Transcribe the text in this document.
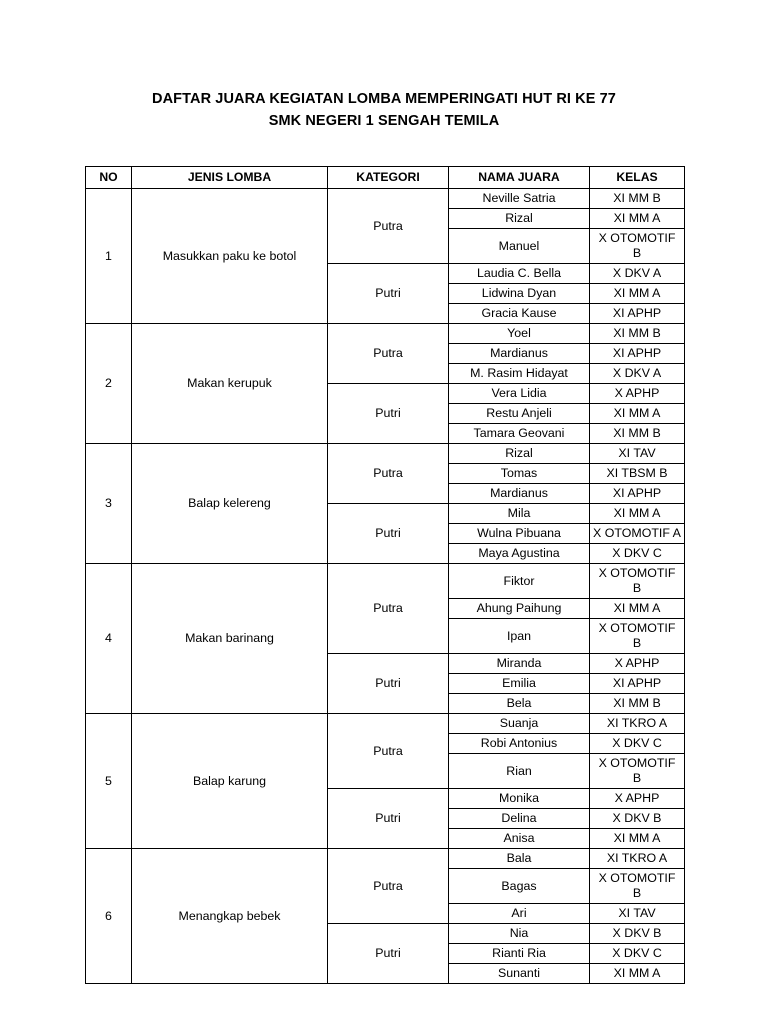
DAFTAR JUARA KEGIATAN LOMBA MEMPERINGATI HUT RI KE 77
SMK NEGERI 1 SENGAH TEMILA
NO	JENIS LOMBA	KATEGORI	NAMA JUARA	KELAS
1	Masukkan paku ke botol	Putra	Neville Satria	XI MM B
			Rizal	XI MM A
			Manuel	X OTOMOTIF B
		Putri	Laudia C. Bella	X DKV A
			Lidwina Dyan	XI MM A
			Gracia Kause	XI APHP
2	Makan kerupuk	Putra	Yoel	XI MM B
			Mardianus	XI APHP
			M. Rasim Hidayat	X DKV A
		Putri	Vera Lidia	X APHP
			Restu Anjeli	XI MM A
			Tamara Geovani	XI MM B
3	Balap kelereng	Putra	Rizal	XI TAV
			Tomas	XI TBSM B
			Mardianus	XI APHP
		Putri	Mila	XI MM A
			Wulna Pibuana	X OTOMOTIF A
			Maya Agustina	X DKV C
4	Makan barinang	Putra	Fiktor	X OTOMOTIF B
			Ahung Paihung	XI MM A
			Ipan	X OTOMOTIF B
		Putri	Miranda	X APHP
			Emilia	XI APHP
			Bela	XI MM B
5	Balap karung	Putra	Suanja	XI TKRO A
			Robi Antonius	X DKV C
			Rian	X OTOMOTIF B
		Putri	Monika	X APHP
			Delina	X DKV B
			Anisa	XI MM A
6	Menangkap bebek	Putra	Bala	XI TKRO A
			Bagas	X OTOMOTIF B
			Ari	XI TAV
		Putri	Nia	X DKV B
			Rianti Ria	X DKV C
			Sunanti	XI MM A
